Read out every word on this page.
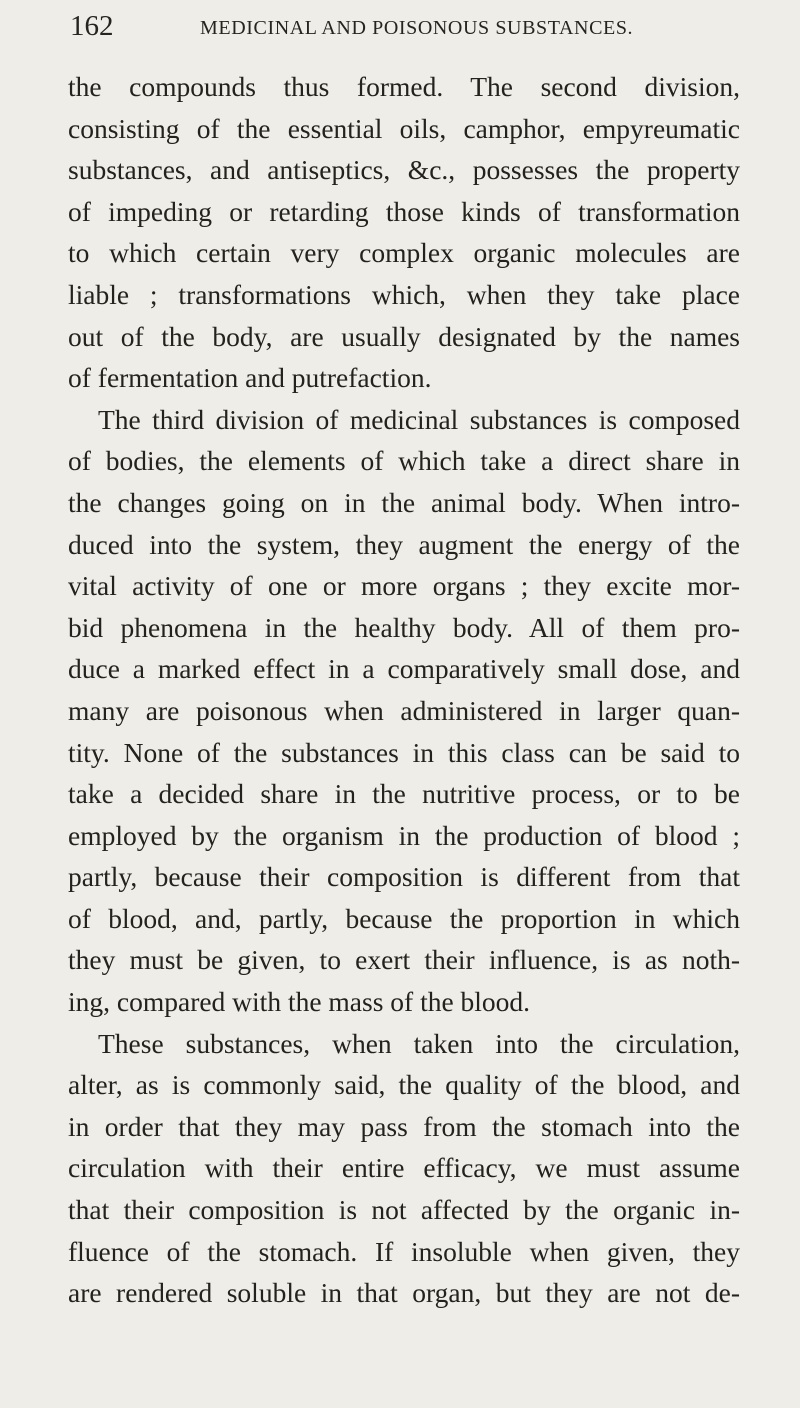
162	MEDICINAL AND POISONOUS SUBSTANCES.
the compounds thus formed. The second division,
consisting of the essential oils, camphor, empyreumatic
substances, and antiseptics, &c., possesses the property
of impeding or retarding those kinds of transformation
to which certain very complex organic molecules are
liable ; transformations which, when they take place
out of the body, are usually designated by the names
of fermentation and putrefaction.
The third division of medicinal substances is composed
of bodies, the elements of which take a direct share in
the changes going on in the animal body. When intro-
duced into the system, they augment the energy of the
vital activity of one or more organs ; they excite mor-
bid phenomena in the healthy body. All of them pro-
duce a marked effect in a comparatively small dose, and
many are poisonous when administered in larger quan-
tity. None of the substances in this class can be said to
take a decided share in the nutritive process, or to be
employed by the organism in the production of blood ;
partly, because their composition is different from that
of blood, and, partly, because the proportion in which
they must be given, to exert their influence, is as noth-
ing, compared with the mass of the blood.
These substances, when taken into the circulation,
alter, as is commonly said, the quality of the blood, and
in order that they may pass from the stomach into the
circulation with their entire efficacy, we must assume
that their composition is not affected by the organic in-
fluence of the stomach. If insoluble when given, they
are rendered soluble in that organ, but they are not de-
